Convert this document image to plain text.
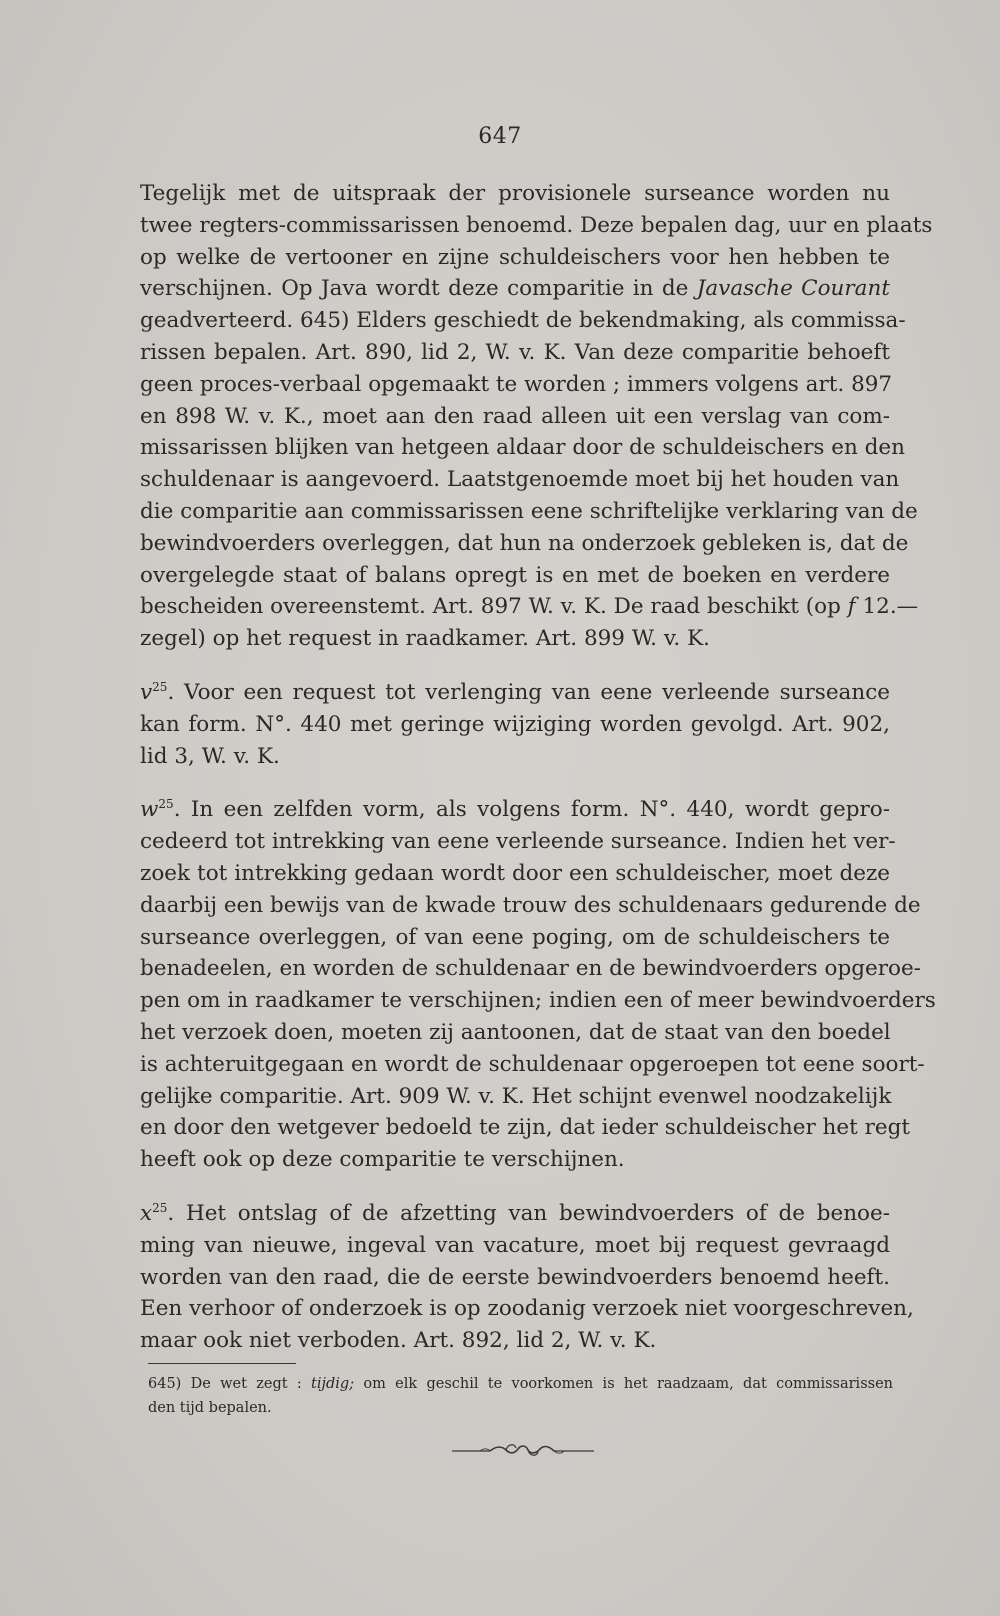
647
Tegelijk met de uitspraak der provisionele surseance worden nu
twee regters-commissarissen benoemd. Deze bepalen dag, uur en plaats
op welke de vertooner en zijne schuldeischers voor hen hebben te
verschijnen. Op Java wordt deze comparitie in de Javasche Courant
geadverteerd. 645) Elders geschiedt de bekendmaking, als commissa-
rissen bepalen. Art. 890, lid 2, W. v. K. Van deze comparitie behoeft
geen proces-verbaal opgemaakt te worden ; immers volgens art. 897
en 898 W. v. K., moet aan den raad alleen uit een verslag van com-
missarissen blijken van hetgeen aldaar door de schuldeischers en den
schuldenaar is aangevoerd. Laatstgenoemde moet bij het houden van
die comparitie aan commissarissen eene schriftelijke verklaring van de
bewindvoerders overleggen, dat hun na onderzoek gebleken is, dat de
overgelegde staat of balans opregt is en met de boeken en verdere
bescheiden overeenstemt. Art. 897 W. v. K. De raad beschikt (op f 12.—
zegel) op het request in raadkamer. Art. 899 W. v. K.
$v^{25}$. Voor een request tot verlenging van eene verleende surseance
kan form. N°. 440 met geringe wijziging worden gevolgd. Art. 902,
lid 3, W. v. K.
$w^{25}$. In een zelfden vorm, als volgens form. N°. 440, wordt gepro-
cedeerd tot intrekking van eene verleende surseance. Indien het ver-
zoek tot intrekking gedaan wordt door een schuldeischer, moet deze
daarbij een bewijs van de kwade trouw des schuldenaars gedurende de
surseance overleggen, of van eene poging, om de schuldeischers te
benadeelen, en worden de schuldenaar en de bewindvoerders opgeroe-
pen om in raadkamer te verschijnen; indien een of meer bewindvoerders
het verzoek doen, moeten zij aantoonen, dat de staat van den boedel
is achteruitgegaan en wordt de schuldenaar opgeroepen tot eene soort-
gelijke comparitie. Art. 909 W. v. K. Het schijnt evenwel noodzakelijk
en door den wetgever bedoeld te zijn, dat ieder schuldeischer het regt
heeft ook op deze comparitie te verschijnen.
$x^{25}$. Het ontslag of de afzetting van bewindvoerders of de benoe-
ming van nieuwe, ingeval van vacature, moet bij request gevraagd
worden van den raad, die de eerste bewindvoerders benoemd heeft.
Een verhoor of onderzoek is op zoodanig verzoek niet voorgeschreven,
maar ook niet verboden. Art. 892, lid 2, W. v. K.
645) De wet zegt : tijdig; om elk geschil te voorkomen is het raadzaam, dat commissarissen
den tijd bepalen.
